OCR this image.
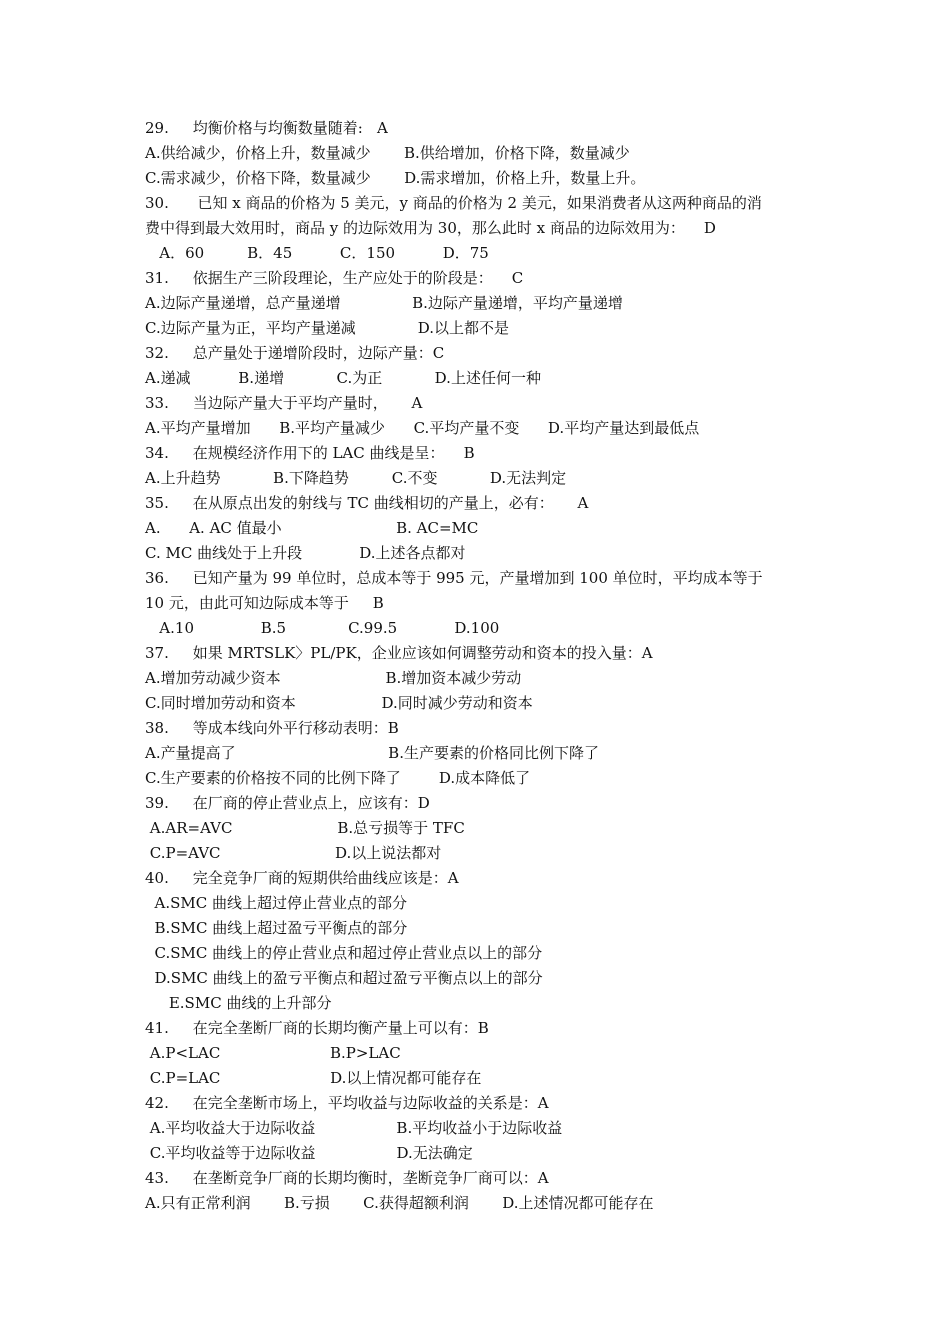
29.     均衡价格与均衡数量随着:   A
A.供给减少，价格上升，数量减少       B.供给增加，价格下降，数量减少
C.需求减少，价格下降，数量减少       D.需求增加，价格上升，数量上升。
30.      已知 x 商品的价格为 5 美元，y 商品的价格为 2 美元，如果消费者从这两种商品的消
费中得到最大效用时，商品 y 的边际效用为 30，那么此时 x 商品的边际效用为：    D
A．60         B．45          C．150          D．75
31.     依据生产三阶段理论，生产应处于的阶段是：    C
A.边际产量递增，总产量递增               B.边际产量递增，平均产量递增
C.边际产量为正，平均产量递减             D.以上都不是
32.     总产量处于递增阶段时，边际产量：C
A.递减          B.递增           C.为正           D.上述任何一种
33.     当边际产量大于平均产量时，     A
A.平均产量增加      B.平均产量减少      C.平均产量不变      D.平均产量达到最低点
34.     在规模经济作用下的 LAC 曲线是呈：    B
A.上升趋势           B.下降趋势         C.不变           D.无法判定
35.     在从原点出发的射线与 TC 曲线相切的产量上，必有：     A
A.      A. AC 值最小                        B. AC=MC
C. MC 曲线处于上升段            D.上述各点都对
36.     已知产量为 99 单位时，总成本等于 995 元，产量增加到 100 单位时，平均成本等于
10 元，由此可知边际成本等于     B
A.10              B.5             C.99.5            D.100
37.     如果 MRTSLK〉PL/PK，企业应该如何调整劳动和资本的投入量：A
A.增加劳动减少资本                      B.增加资本减少劳动
C.同时增加劳动和资本                  D.同时减少劳动和资本
38.     等成本线向外平行移动表明：B
A.产量提高了                                B.生产要素的价格同比例下降了
C.生产要素的价格按不同的比例下降了        D.成本降低了
39.     在厂商的停止营业点上，应该有：D
A.AR=AVC                      B.总亏损等于 TFC
C.P=AVC                        D.以上说法都对
40.     完全竞争厂商的短期供给曲线应该是：A
A.SMC 曲线上超过停止营业点的部分
B.SMC 曲线上超过盈亏平衡点的部分
C.SMC 曲线上的停止营业点和超过停止营业点以上的部分
D.SMC 曲线上的盈亏平衡点和超过盈亏平衡点以上的部分
E.SMC 曲线的上升部分
41.     在完全垄断厂商的长期均衡产量上可以有：B
A.P<LAC                       B.P>LAC
C.P=LAC                       D.以上情况都可能存在
42.     在完全垄断市场上，平均收益与边际收益的关系是：A
A.平均收益大于边际收益                 B.平均收益小于边际收益
C.平均收益等于边际收益                 D.无法确定
43.     在垄断竞争厂商的长期均衡时，垄断竞争厂商可以：A
A.只有正常利润       B.亏损       C.获得超额利润       D.上述情况都可能存在
